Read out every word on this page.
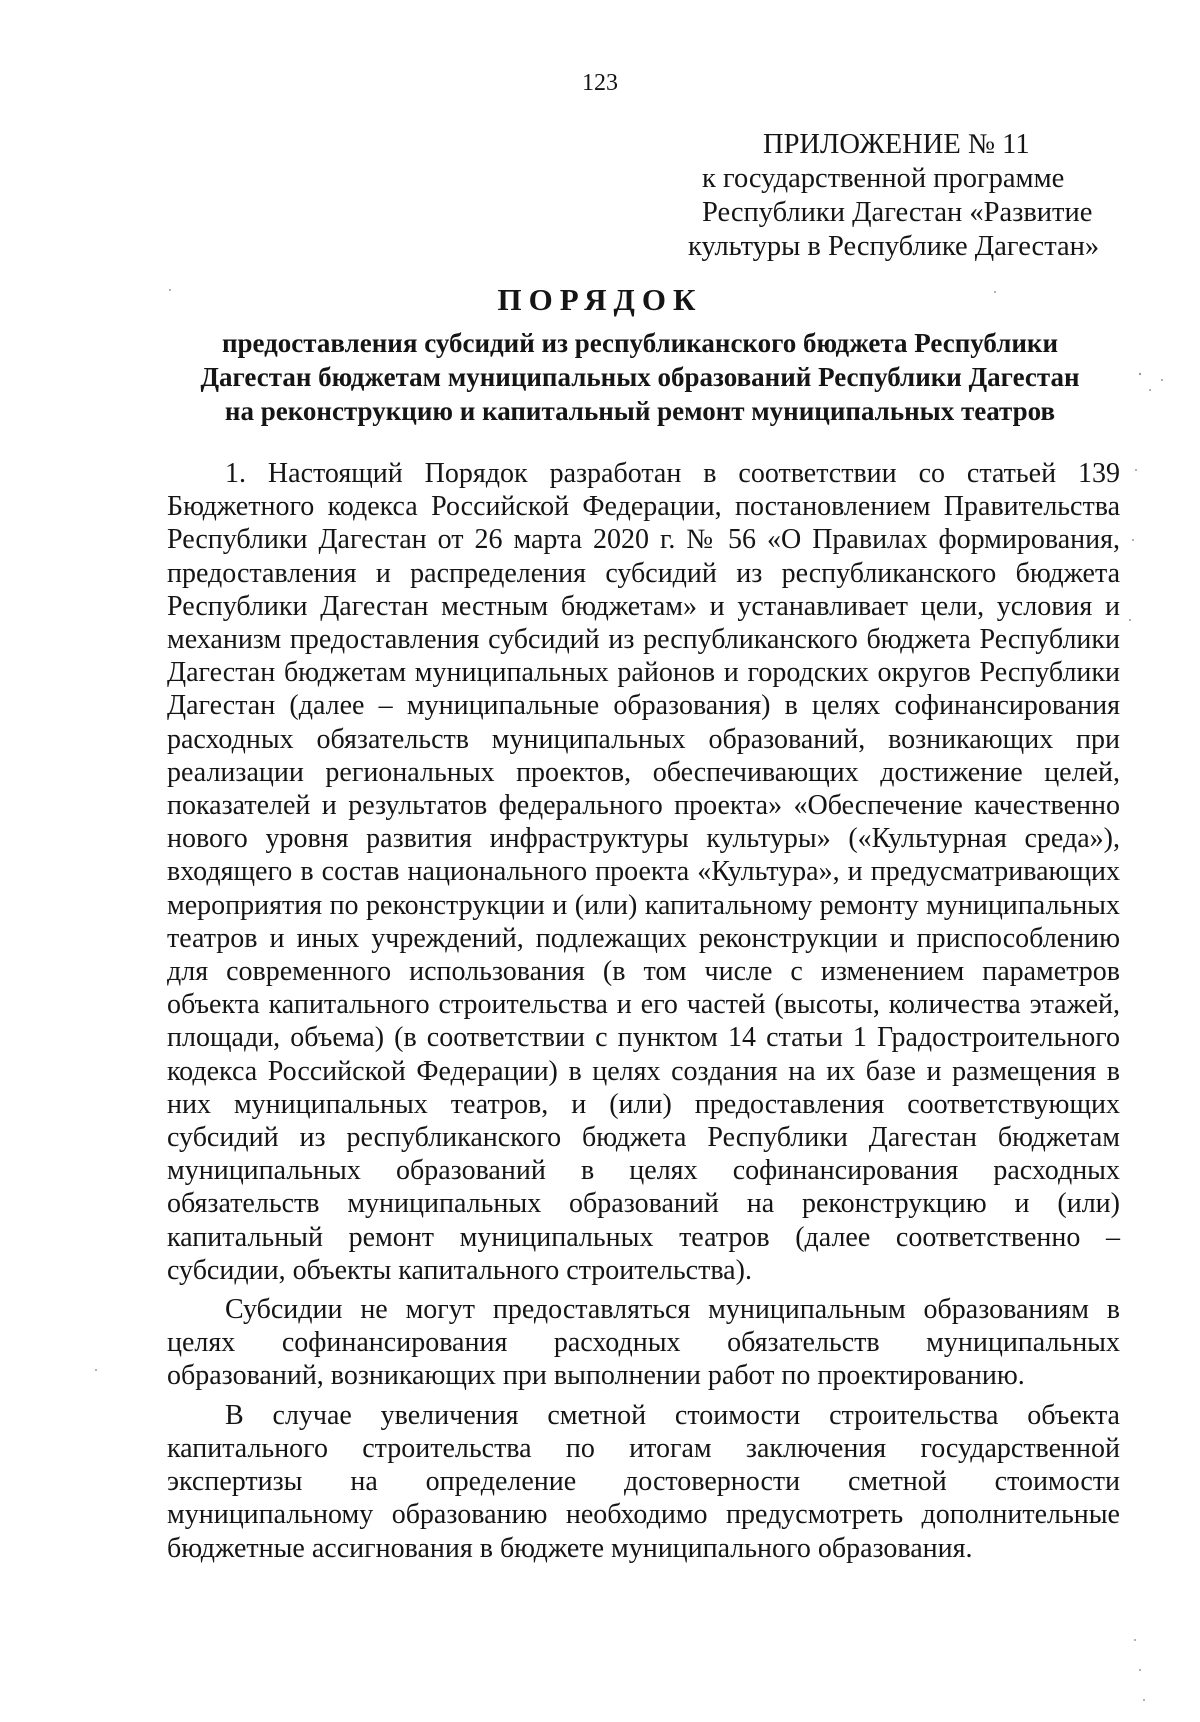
123
ПРИЛОЖЕНИЕ № 11
к государственной программе
Республики Дагестан «Развитие
культуры в Республике Дагестан»
ПОРЯДОК
предоставления субсидий из республиканского бюджета Республики
Дагестан бюджетам муниципальных образований Республики Дагестан
на реконструкцию и капитальный ремонт муниципальных театров

1. Настоящий Порядок разработан в соответствии со статьей 139 Бюджетного кодекса Российской Федерации, постановлением Правительства Республики Дагестан от 26 марта 2020 г. № 56 «О Правилах формирования, предоставления и распределения субсидий из республиканского бюджета Республики Дагестан местным бюджетам» и устанавливает цели, условия и механизм предоставления субсидий из республиканского бюджета Республики Дагестан бюджетам муниципальных районов и городских округов Республики Дагестан (далее – муниципальные образования) в целях софинансирования расходных обязательств муниципальных образований, возникающих при реализации региональных проектов, обеспечивающих достижение целей, показателей и результатов федерального проекта» «Обеспечение качественно нового уровня развития инфраструктуры культуры» («Культурная среда»), входящего в состав национального проекта «Культура», и предусматривающих мероприятия по реконструкции и (или) капитальному ремонту муниципальных театров и иных учреждений, подлежащих реконструкции и приспособлению для современного использования (в том числе с изменением параметров объекта капитального строительства и его частей (высоты, количества этажей, площади, объема) (в соответствии с пунктом 14 статьи 1 Градостроительного кодекса Российской Федерации) в целях создания на их базе и размещения в них муниципальных театров, и (или) предоставления соответствующих субсидий из республиканского бюджета Республики Дагестан бюджетам муниципальных образований в целях софинансирования расходных обязательств муниципальных образований на реконструкцию и (или) капитальный ремонт муниципальных театров (далее соответственно – субсидии, объекты капитального строительства).

Субсидии не могут предоставляться муниципальным образованиям в целях софинансирования расходных обязательств муниципальных образований, возникающих при выполнении работ по проектированию.

В случае увеличения сметной стоимости строительства объекта капитального строительства по итогам заключения государственной экспертизы на определение достоверности сметной стоимости муниципальному образованию необходимо предусмотреть дополнительные бюджетные ассигнования в бюджете муниципального образования.
